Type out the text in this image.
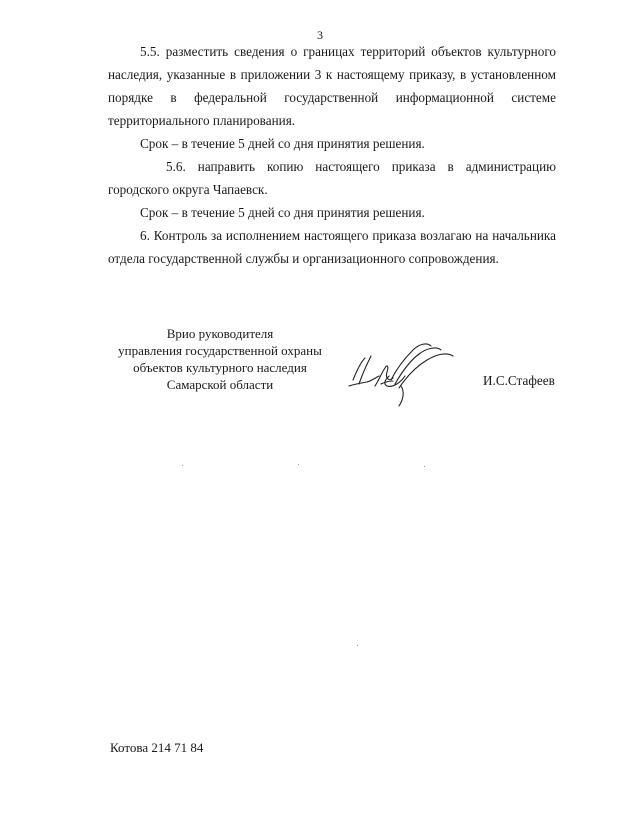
3

5.5. разместить сведения о границах территорий объектов культурного наследия, указанные в приложении 3 к настоящему приказу, в установленном порядке в федеральной государственной информационной системе территориального планирования.

Срок – в течение 5 дней со дня принятия решения.

5.6. направить копию настоящего приказа в администрацию городского округа Чапаевск.

Срок – в течение 5 дней со дня принятия решения.

6. Контроль за исполнением настоящего приказа возлагаю на начальника отдела государственной службы и организационного сопровождения.

Врио руководителя
управления государственной охраны
объектов культурного наследия
Самарской области	И.С.Стафеев
Котова 214 71 84
